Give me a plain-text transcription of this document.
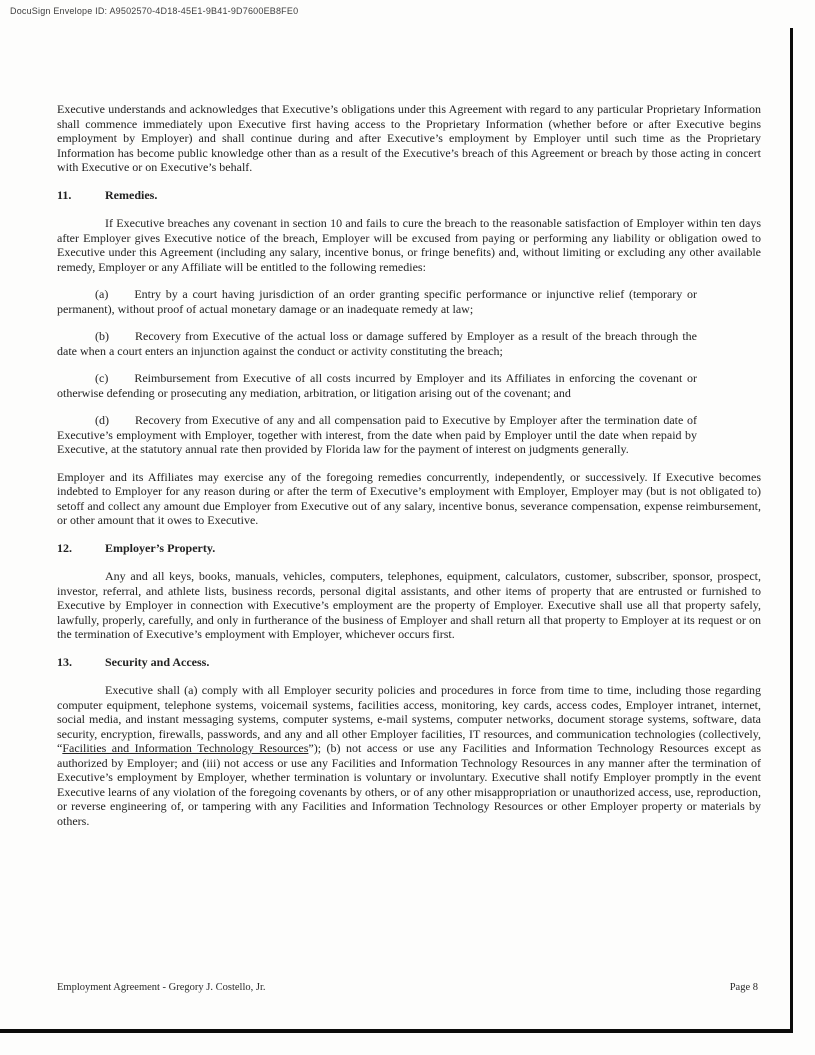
DocuSign Envelope ID: A9502570-4D18-45E1-9B41-9D7600EB8FE0

Executive understands and acknowledges that Executive’s obligations under this Agreement with regard to any particular Proprietary Information shall commence immediately upon Executive first having access to the Proprietary Information (whether before or after Executive begins employment by Employer) and shall continue during and after Executive’s employment by Employer until such time as the Proprietary Information has become public knowledge other than as a result of the Executive’s breach of this Agreement or breach by those acting in concert with Executive or on Executive’s behalf.

11.	Remedies.

If Executive breaches any covenant in section 10 and fails to cure the breach to the reasonable satisfaction of Employer within ten days after Employer gives Executive notice of the breach, Employer will be excused from paying or performing any liability or obligation owed to Executive under this Agreement (including any salary, incentive bonus, or fringe benefits) and, without limiting or excluding any other available remedy, Employer or any Affiliate will be entitled to the following remedies:

(a) Entry by a court having jurisdiction of an order granting specific performance or injunctive relief (temporary or permanent), without proof of actual monetary damage or an inadequate remedy at law;

(b) Recovery from Executive of the actual loss or damage suffered by Employer as a result of the breach through the date when a court enters an injunction against the conduct or activity constituting the breach;

(c) Reimbursement from Executive of all costs incurred by Employer and its Affiliates in enforcing the covenant or otherwise defending or prosecuting any mediation, arbitration, or litigation arising out of the covenant; and

(d) Recovery from Executive of any and all compensation paid to Executive by Employer after the termination date of Executive’s employment with Employer, together with interest, from the date when paid by Employer until the date when repaid by Executive, at the statutory annual rate then provided by Florida law for the payment of interest on judgments generally.

Employer and its Affiliates may exercise any of the foregoing remedies concurrently, independently, or successively. If Executive becomes indebted to Employer for any reason during or after the term of Executive’s employment with Employer, Employer may (but is not obligated to) setoff and collect any amount due Employer from Executive out of any salary, incentive bonus, severance compensation, expense reimbursement, or other amount that it owes to Executive.

12.	Employer’s Property.

Any and all keys, books, manuals, vehicles, computers, telephones, equipment, calculators, customer, subscriber, sponsor, prospect, investor, referral, and athlete lists, business records, personal digital assistants, and other items of property that are entrusted or furnished to Executive by Employer in connection with Executive’s employment are the property of Employer. Executive shall use all that property safely, lawfully, properly, carefully, and only in furtherance of the business of Employer and shall return all that property to Employer at its request or on the termination of Executive’s employment with Employer, whichever occurs first.

13.	Security and Access.

Executive shall (a) comply with all Employer security policies and procedures in force from time to time, including those regarding computer equipment, telephone systems, voicemail systems, facilities access, monitoring, key cards, access codes, Employer intranet, internet, social media, and instant messaging systems, computer systems, e-mail systems, computer networks, document storage systems, software, data security, encryption, firewalls, passwords, and any and all other Employer facilities, IT resources, and communication technologies (collectively, “Facilities and Information Technology Resources”); (b) not access or use any Facilities and Information Technology Resources except as authorized by Employer; and (iii) not access or use any Facilities and Information Technology Resources in any manner after the termination of Executive’s employment by Employer, whether termination is voluntary or involuntary. Executive shall notify Employer promptly in the event Executive learns of any violation of the foregoing covenants by others, or of any other misappropriation or unauthorized access, use, reproduction, or reverse engineering of, or tampering with any Facilities and Information Technology Resources or other Employer property or materials by others.

Employment Agreement - Gregory J. Costello, Jr.	Page 8
